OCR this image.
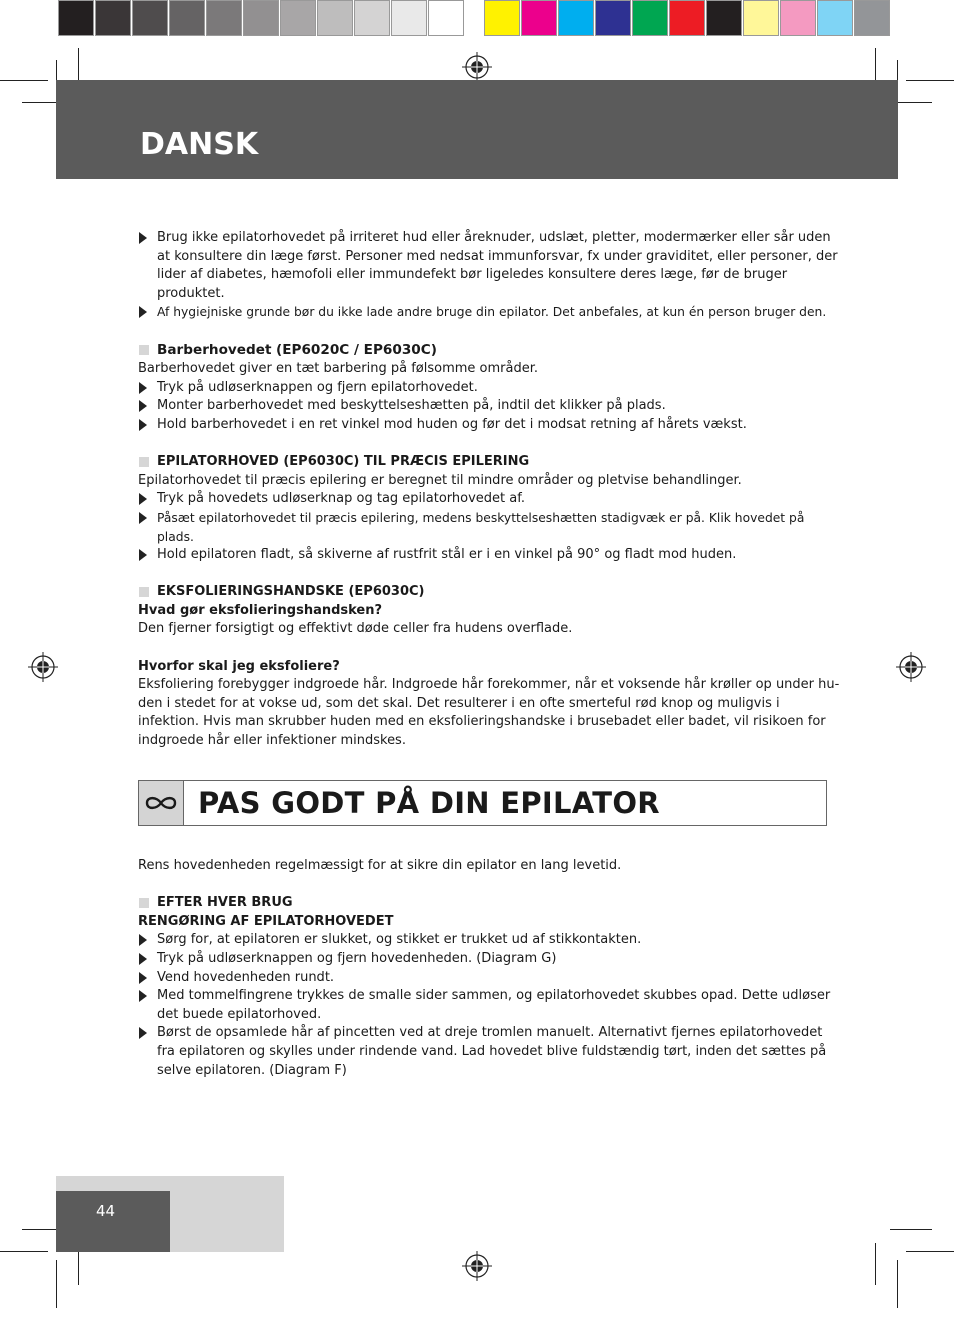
DANSK

Brug ikke epilatorhovedet på irriteret hud eller åreknuder, udslæt, pletter, modermærker eller sår uden at konsultere din læge først. Personer med nedsat immunforsvar, fx under graviditet, eller personer, der lider af diabetes, hæmofoli eller immundefekt bør ligeledes konsultere deres læge, før de bruger produktet.

Af hygiejniske grunde bør du ikke lade andre bruge din epilator. Det anbefales, at kun én person bruger den.

Barberhovedet (EP6020C / EP6030C)

Barberhovedet giver en tæt barbering på følsomme områder.

Tryk på udløserknappen og fjern epilatorhovedet.

Monter barberhovedet med beskyttelseshætten på, indtil det klikker på plads.

Hold barberhovedet i en ret vinkel mod huden og før det i modsat retning af hårets vækst.

EPILATORHOVED (EP6030C) TIL PRÆCIS EPILERING

Epilatorhovedet til præcis epilering er beregnet til mindre områder og pletvise behandlinger.

Tryk på hovedets udløserknap og tag epilatorhovedet af.

Påsæt epilatorhovedet til præcis epilering, medens beskyttelseshætten stadigvæk er på. Klik hovedet på plads.

Hold epilatoren fladt, så skiverne af rustfrit stål er i en vinkel på 90° og fladt mod huden.

EKSFOLIERINGSHANDSKE (EP6030C)

Hvad gør eksfolieringshandsken?

Den fjerner forsigtigt og effektivt døde celler fra hudens overflade.

Hvorfor skal jeg eksfoliere?

Eksfoliering forebygger indgroede hår. Indgroede hår forekommer, når et voksende hår krøller op under hu-den i stedet for at vokse ud, som det skal. Det resulterer i en ofte smerteful rød knop og muligvis i infektion. Hvis man skrubber huden med en eksfolieringshandske i brusebadet eller badet, vil risikoen for indgroede hår eller infektioner mindskes.

PAS GODT PÅ DIN EPILATOR

Rens hovedenheden regelmæssigt for at sikre din epilator en lang levetid.

EFTER HVER BRUG

RENGØRING AF EPILATORHOVEDET

Sørg for, at epilatoren er slukket, og stikket er trukket ud af stikkontakten.

Tryk på udløserknappen og fjern hovedenheden. (Diagram G)

Vend hovedenheden rundt.

Med tommelfingrene trykkes de smalle sider sammen, og epilatorhovedet skubbes opad. Dette udløser det buede epilatorhoved.

Børst de opsamlede hår af pincetten ved at dreje tromlen manuelt. Alternativt fjernes epilatorhovedet fra epilatoren og skylles under rindende vand. Lad hovedet blive fuldstændig tørt, inden det sættes på selve epilatoren. (Diagram F)

44
